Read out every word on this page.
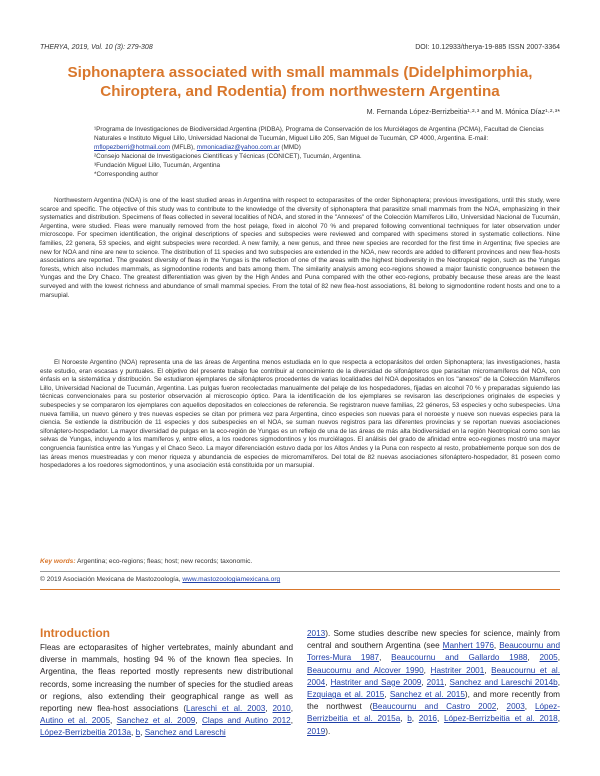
THERYA, 2019, Vol. 10 (3): 279-308	DOI: 10.12933/therya-19-885 ISSN 2007-3364
Siphonaptera associated with small mammals (Didelphimorphia, Chiroptera, and Rodentia) from northwestern Argentina
M. Fernanda López-Berrizbeitia¹·²·³ and M. Mónica Díaz¹·²·³*

¹Programa de Investigaciones de Biodiversidad Argentina (PIDBA), Programa de Conservación de los Murciélagos de Argentina (PCMA), Facultad de Ciencias Naturales e Instituto Miguel Lillo, Universidad Nacional de Tucumán, Miguel Lillo 205, San Miguel de Tucumán, CP 4000, Argentina. E-mail: mflopezberri@hotmail.com (MFLB), mmonicadiaz@yahoo.com.ar (MMD)

²Consejo Nacional de Investigaciones Científicas y Técnicas (CONICET), Tucumán, Argentina.

³Fundación Miguel Lillo, Tucumán, Argentina

*Corresponding author

Northwestern Argentina (NOA) is one of the least studied areas in Argentina with respect to ectoparasites of the order Siphonaptera; previous investigations, until this study, were scarce and specific. The objective of this study was to contribute to the knowledge of the diversity of siphonaptera that parasitize small mammals from the NOA, emphasizing in their systematics and distribution. Specimens of fleas collected in several localities of NOA, and stored in the "Annexes" of the Colección Mamíferos Lillo, Universidad Nacional de Tucumán, Argentina, were studied. Fleas were manually removed from the host pelage, fixed in alcohol 70 % and prepared following conventional techniques for later observation under microscope. For specimen identification, the original descriptions of species and subspecies were reviewed and compared with specimens stored in systematic collections. Nine families, 22 genera, 53 species, and eight subspecies were recorded. A new family, a new genus, and three new species are recorded for the first time in Argentina; five species are new for NOA and nine are new to science. The distribution of 11 species and two subspecies are extended in the NOA, new records are added to different provinces and new flea-hosts associations are reported. The greatest diversity of fleas in the Yungas is the reflection of one of the areas with the highest biodiversity in the Neotropical region, such as the Yungas forests, which also includes mammals, as sigmodontine rodents and bats among them. The similarity analysis among eco-regions showed a major faunistic congruence between the Yungas and the Dry Chaco. The greatest differentiation was given by the High Andes and Puna compared with the other eco-regions, probably because these areas are the least surveyed and with the lowest richness and abundance of small mammal species. From the total of 82 new flea-host associations, 81 belong to sigmodontine rodent hosts and one to a marsupial.

El Noroeste Argentino (NOA) representa una de las áreas de Argentina menos estudiada en lo que respecta a ectoparásitos del orden Siphonaptera; las investigaciones, hasta este estudio, eran escasas y puntuales. El objetivo del presente trabajo fue contribuir al conocimiento de la diversidad de sifonápteros que parasitan micromamíferos del NOA, con énfasis en la sistemática y distribución. Se estudiaron ejemplares de sifonápteros procedentes de varias localidades del NOA depositados en los "anexos" de la Colección Mamíferos Lillo, Universidad Nacional de Tucumán, Argentina. Las pulgas fueron recolectadas manualmente del pelaje de los hospedadores, fijadas en alcohol 70 % y preparadas siguiendo las técnicas convencionales para su posterior observación al microscopio óptico. Para la identificación de los ejemplares se revisaron las descripciones originales de especies y subespecies y se compararon los ejemplares con aquellos depositados en colecciones de referencia. Se registraron nueve familias, 22 géneros, 53 especies y ocho subespecies. Una nueva familia, un nuevo género y tres nuevas especies se citan por primera vez para Argentina, cinco especies son nuevas para el noroeste y nueve son nuevas especies para la ciencia. Se extiende la distribución de 11 especies y dos subespecies en el NOA, se suman nuevos registros para las diferentes provincias y se reportan nuevas asociaciones sifonáptero-hospedador. La mayor diversidad de pulgas en la eco-región de Yungas es un reflejo de una de las áreas de más alta biodiversidad en la región Neotropical como son las selvas de Yungas, incluyendo a los mamíferos y, entre ellos, a los roedores sigmodontinos y los murciélagos. El análisis del grado de afinidad entre eco-regiones mostró una mayor congruencia faunística entre las Yungas y el Chaco Seco. La mayor diferenciación estuvo dada por los Altos Andes y la Puna con respecto al resto, probablemente porque son dos de las áreas menos muestreadas y con menor riqueza y abundancia de especies de micromamíferos. Del total de 82 nuevas asociaciones sifonáptero-hospedador, 81 poseen como hospedadores a los roedores sigmodontinos, y una asociación está constituida por un marsupial.

Key words: Argentina; eco-regions; fleas; host; new records; taxonomic.
© 2019 Asociación Mexicana de Mastozoología, www.mastozoologiamexicana.org
Introduction

Fleas are ectoparasites of higher vertebrates, mainly abundant and diverse in mammals, hosting 94 % of the known flea species. In Argentina, the fleas reported mostly represents new distributional records, some increasing the number of species for the studied areas or regions, also extending their geographical range as well as reporting new flea-host associations (Lareschi et al. 2003, 2010, Autino et al. 2005, Sanchez et al. 2009, Claps and Autino 2012, López-Berrizbeitia 2013a, b, Sanchez and Lareschi

2013). Some studies describe new species for science, mainly from central and southern Argentina (see Manhert 1976, Beaucournu and Torres-Mura 1987, Beaucournu and Gallardo 1988, 2005, Beaucournu and Alcover 1990, Hastriter 2001, Beaucournu et al. 2004, Hastriter and Sage 2009, 2011, Sanchez and Lareschi 2014b, Ezquiaga et al. 2015, Sanchez et al. 2015), and more recently from the northwest (Beaucournu and Castro 2002, 2003, López-Berrizbeitia et al. 2015a, b, 2016, López-Berrizbeitia et al. 2018, 2019).
